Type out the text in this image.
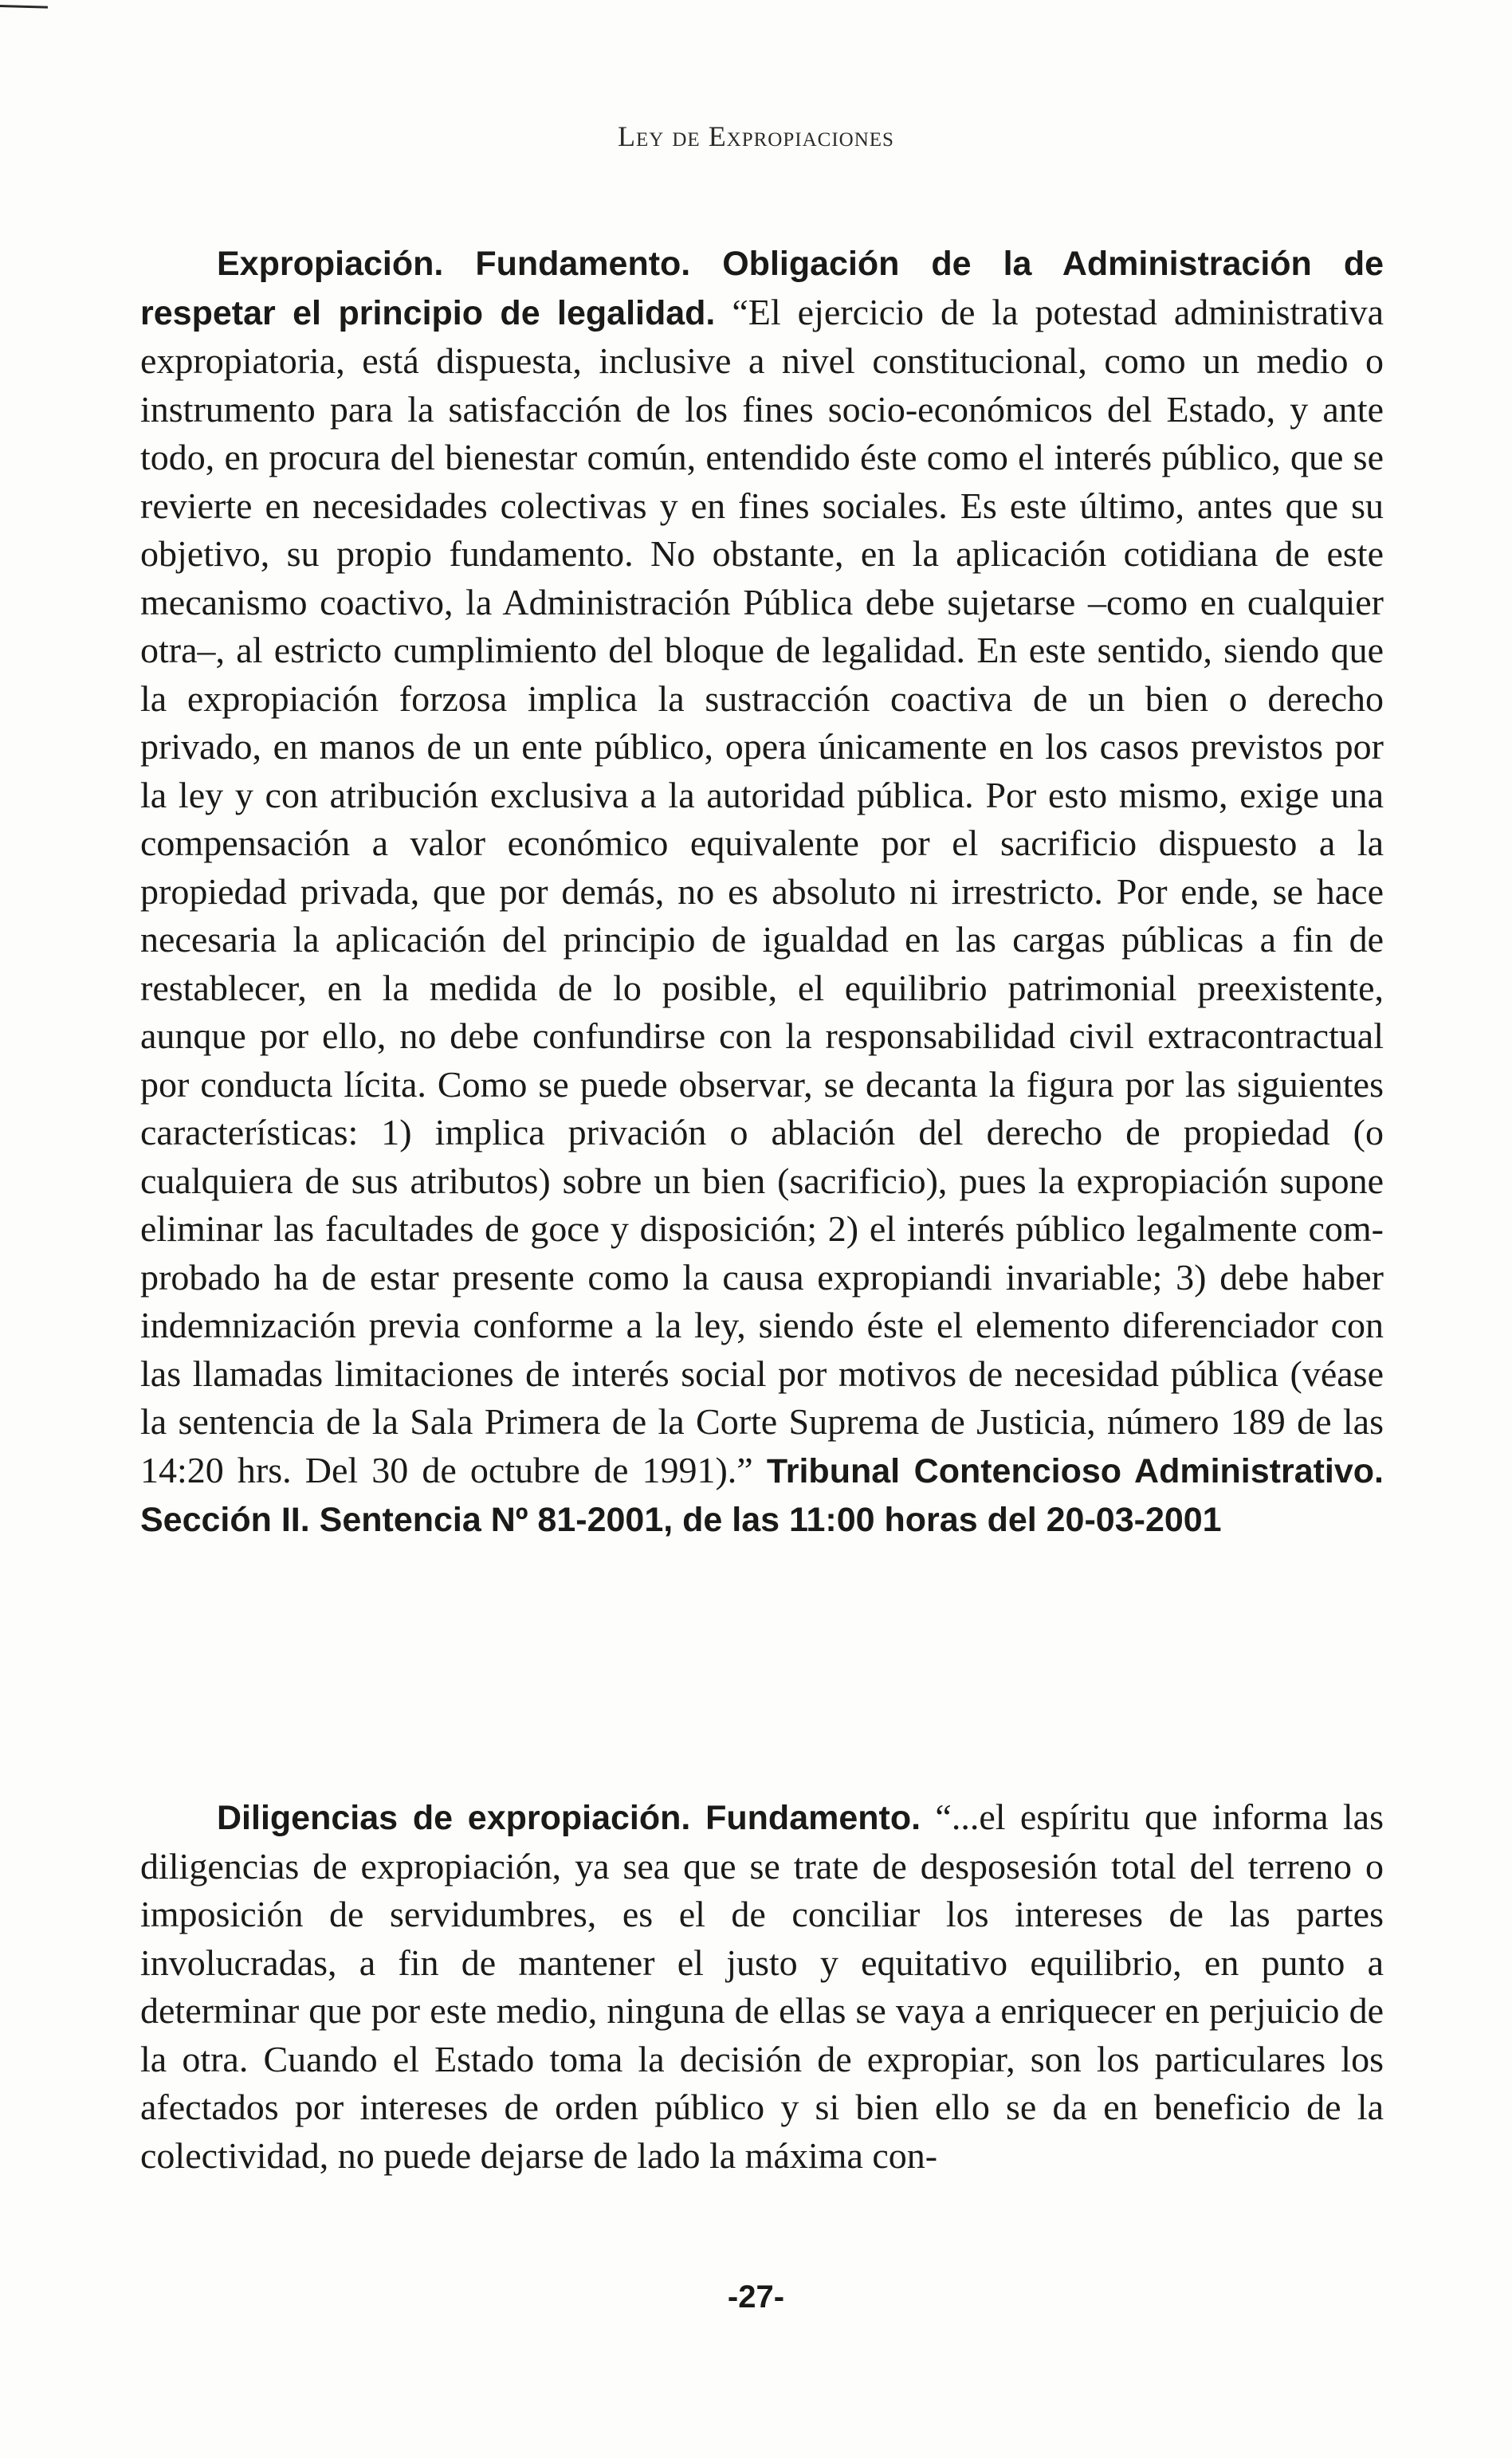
Ley de Expropiaciones

Expropiación. Fundamento. Obligación de la Administración de respetar el principio de legalidad. “El ejercicio de la potestad administrativa expropiatoria, está dispuesta, inclusive a nivel constitucional, como un medio o instrumento para la satisfacción de los fines socio-económicos del Estado, y ante todo, en procura del bienestar común, entendido éste como el interés público, que se revierte en necesidades colectivas y en fines sociales. Es este último, antes que su objetivo, su propio fundamento. No obstante, en la aplicación cotidiana de este mecanismo coactivo, la Administración Pública debe sujetarse –como en cualquier otra–, al estricto cumplimiento del bloque de legalidad. En este sentido, siendo que la expropiación forzosa implica la sustracción coactiva de un bien o derecho privado, en manos de un ente público, opera únicamente en los casos previstos por la ley y con atribución exclusiva a la autoridad pública. Por esto mismo, exige una compensación a valor económico equivalente por el sacrificio dispuesto a la propiedad privada, que por demás, no es absoluto ni irrestricto. Por ende, se hace necesaria la aplicación del principio de igualdad en las cargas públicas a fin de restablecer, en la medida de lo posible, el equilibrio patrimonial preexistente, aunque por ello, no debe confundirse con la responsabilidad civil extracontractual por conducta lícita. Como se puede observar, se decanta la figura por las siguientes características: 1) implica privación o ablación del derecho de propiedad (o cualquiera de sus atributos) sobre un bien (sacrificio), pues la expropiación supone eliminar las facultades de goce y disposición; 2) el interés público legalmente comprobado ha de estar presente como la causa expropiandi invariable; 3) debe haber indemnización previa conforme a la ley, siendo éste el elemento diferenciador con las llamadas limitaciones de interés social por motivos de necesidad pública (véase la sentencia de la Sala Primera de la Corte Suprema de Justicia, número 189 de las 14:20 hrs. Del 30 de octubre de 1991).” Tribunal Contencioso Administrativo. Sección II. Sentencia Nº 81-2001, de las 11:00 horas del 20-03-2001

Diligencias de expropiación. Fundamento. “...el espíritu que informa las diligencias de expropiación, ya sea que se trate de desposesión total del terreno o imposición de servidumbres, es el de conciliar los intereses de las partes involucradas, a fin de mantener el justo y equitativo equilibrio, en punto a determinar que por este medio, ninguna de ellas se vaya a enriquecer en perjuicio de la otra. Cuando el Estado toma la decisión de expropiar, son los particulares los afectados por intereses de orden público y si bien ello se da en beneficio de la colectividad, no puede dejarse de lado la máxima con-

-27-
